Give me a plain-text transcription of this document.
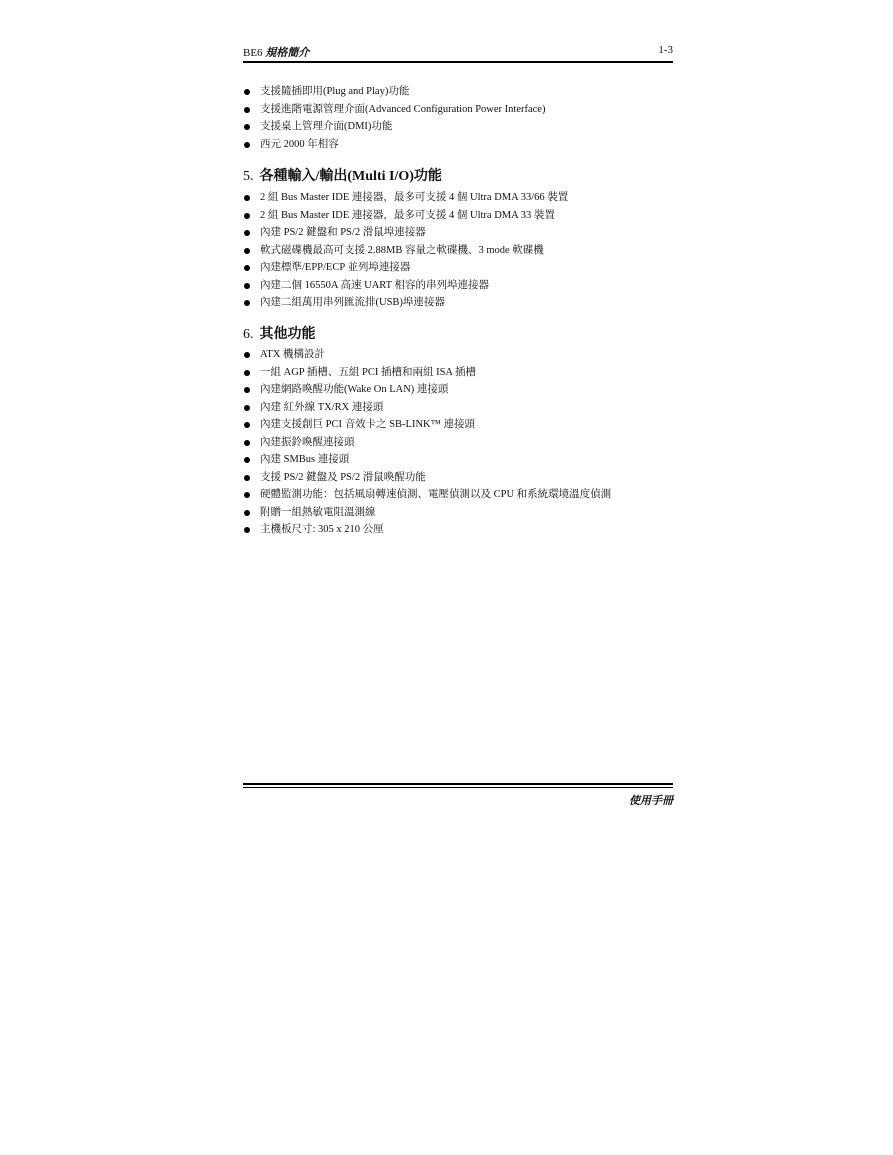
BE6 規格簡介	1-3
支援隨插即用(Plug and Play)功能
支援進階電源管理介面(Advanced Configuration Power Interface)
支援桌上管理介面(DMI)功能
西元 2000 年相容
5. 各種輸入/輸出(Multi I/O)功能
2 組 Bus Master IDE 連接器，最多可支援 4 個 Ultra DMA 33/66 裝置
2 組 Bus Master IDE 連接器，最多可支援 4 個 Ultra DMA 33 裝置
內建 PS/2 鍵盤和 PS/2 滑鼠埠連接器
軟式磁碟機最高可支援 2.88MB 容量之軟碟機、3 mode 軟碟機
內建標準/EPP/ECP 並列埠連接器
內建二個 16550A 高速 UART 相容的串列埠連接器
內建二組萬用串列匯流排(USB)埠連接器
6. 其他功能
ATX 機構設計
一組 AGP 插槽、五組 PCI 插槽和兩組 ISA 插槽
內建網路喚醒功能(Wake On LAN) 連接頭
內建 紅外線 TX/RX 連接頭
內建支援創巨 PCI 音效卡之 SB-LINK™ 連接頭
內建振鈴喚醒連接頭
內建 SMBus 連接頭
支援 PS/2 鍵盤及 PS/2 滑鼠喚醒功能
硬體監測功能：包括風扇轉速偵測、電壓偵測以及 CPU 和系統環境溫度偵測
附贈一組熱敏電阻溫測線
主機板尺寸: 305 x 210 公厘
使用手冊
